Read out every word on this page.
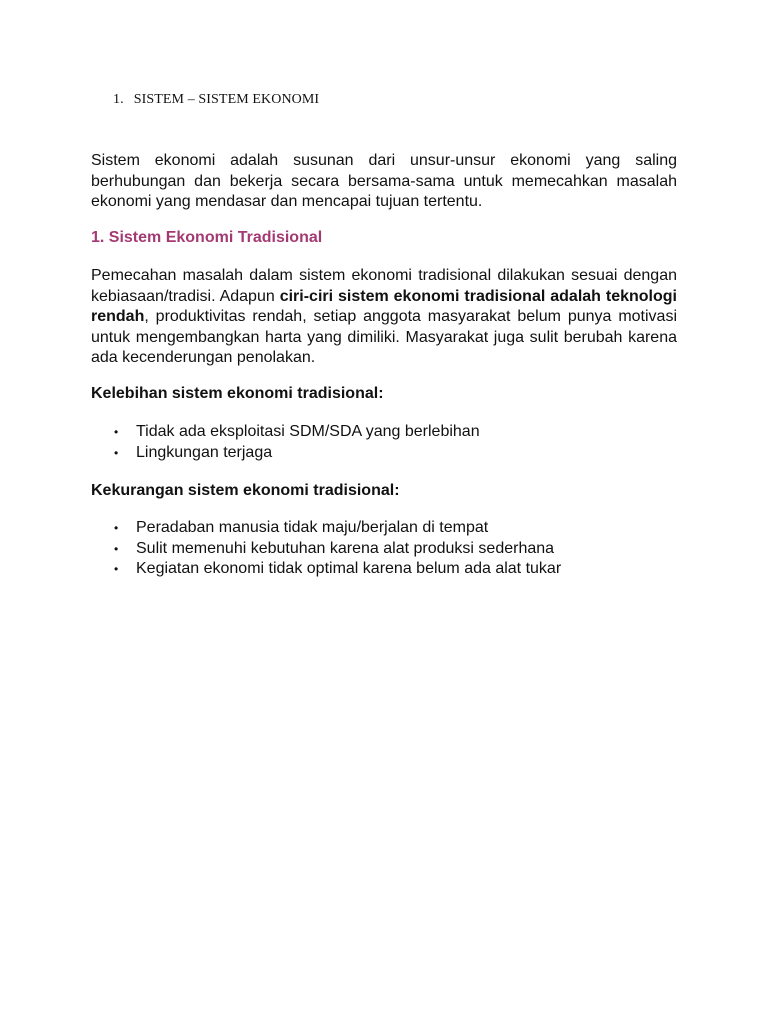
1. SISTEM – SISTEM EKONOMI

Sistem ekonomi adalah susunan dari unsur-unsur ekonomi yang saling berhubungan dan bekerja secara bersama-sama untuk memecahkan masalah ekonomi yang mendasar dan mencapai tujuan tertentu.

1. Sistem Ekonomi Tradisional

Pemecahan masalah dalam sistem ekonomi tradisional dilakukan sesuai dengan kebiasaan/tradisi. Adapun ciri-ciri sistem ekonomi tradisional adalah teknologi rendah, produktivitas rendah, setiap anggota masyarakat belum punya motivasi untuk mengembangkan harta yang dimiliki. Masyarakat juga sulit berubah karena ada kecenderungan penolakan.

Kelebihan sistem ekonomi tradisional:
• Tidak ada eksploitasi SDM/SDA yang berlebihan
• Lingkungan terjaga
Kekurangan sistem ekonomi tradisional:
• Peradaban manusia tidak maju/berjalan di tempat
• Sulit memenuhi kebutuhan karena alat produksi sederhana
• Kegiatan ekonomi tidak optimal karena belum ada alat tukar
